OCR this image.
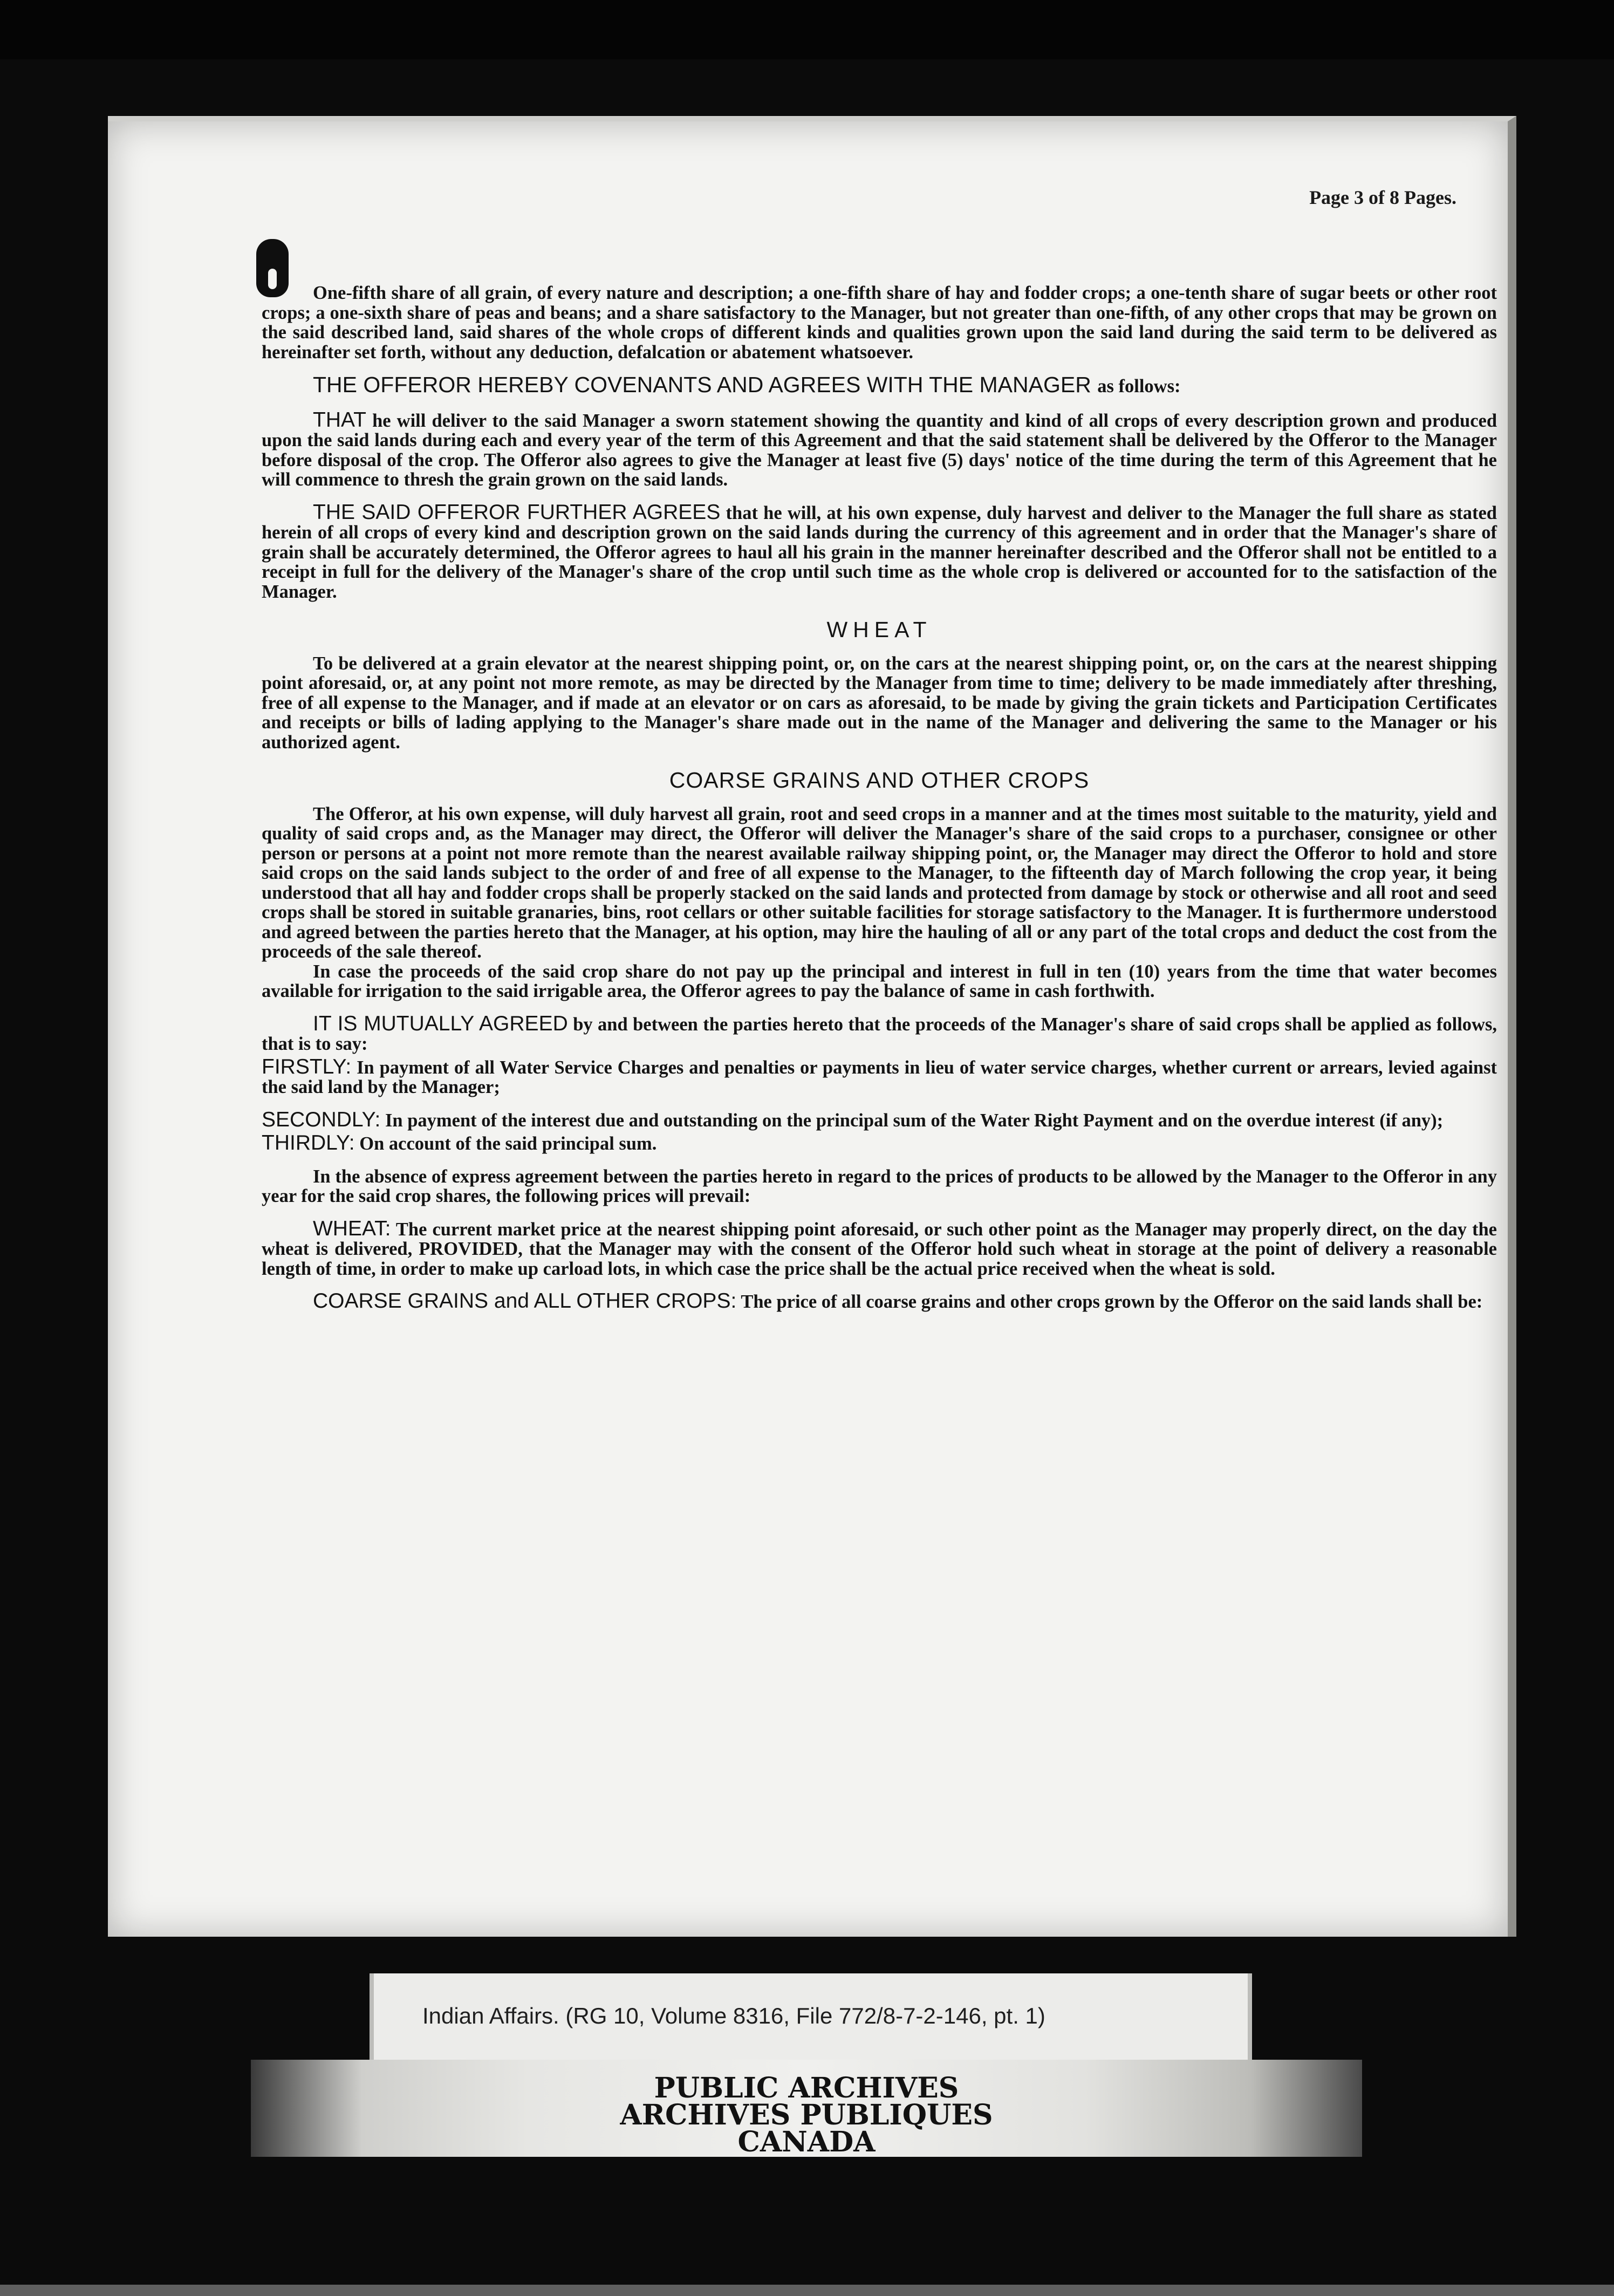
Page 3 of 8 Pages.

One-fifth share of all grain, of every nature and description; a one-fifth share of hay and fodder crops; a one-tenth share of sugar beets or other root crops; a one-sixth share of peas and beans; and a share satisfactory to the Manager, but not greater than one-fifth, of any other crops that may be grown on the said described land, said shares of the whole crops of different kinds and qualities grown upon the said land during the said term to be delivered as hereinafter set forth, without any deduction, defalcation or abatement whatsoever.

THE OFFEROR HEREBY COVENANTS AND AGREES WITH THE MANAGER as follows:

THAT he will deliver to the said Manager a sworn statement showing the quantity and kind of all crops of every description grown and produced upon the said lands during each and every year of the term of this Agreement and that the said statement shall be delivered by the Offeror to the Manager before disposal of the crop. The Offeror also agrees to give the Manager at least five (5) days' notice of the time during the term of this Agreement that he will commence to thresh the grain grown on the said lands.

THE SAID OFFEROR FURTHER AGREES that he will, at his own expense, duly harvest and deliver to the Manager the full share as stated herein of all crops of every kind and description grown on the said lands during the currency of this agreement and in order that the Manager's share of grain shall be accurately determined, the Offeror agrees to haul all his grain in the manner hereinafter described and the Offeror shall not be entitled to a receipt in full for the delivery of the Manager's share of the crop until such time as the whole crop is delivered or accounted for to the satisfaction of the Manager.

WHEAT

To be delivered at a grain elevator at the nearest shipping point, or, on the cars at the nearest shipping point, or, on the cars at the nearest shipping point aforesaid, or, at any point not more remote, as may be directed by the Manager from time to time; delivery to be made immediately after threshing, free of all expense to the Manager, and if made at an elevator or on cars as aforesaid, to be made by giving the grain tickets and Participation Certificates and receipts or bills of lading applying to the Manager's share made out in the name of the Manager and delivering the same to the Manager or his authorized agent.

COARSE GRAINS AND OTHER CROPS

The Offeror, at his own expense, will duly harvest all grain, root and seed crops in a manner and at the times most suitable to the maturity, yield and quality of said crops and, as the Manager may direct, the Offeror will deliver the Manager's share of the said crops to a purchaser, consignee or other person or persons at a point not more remote than the nearest available railway shipping point, or, the Manager may direct the Offeror to hold and store said crops on the said lands subject to the order of and free of all expense to the Manager, to the fifteenth day of March following the crop year, it being understood that all hay and fodder crops shall be properly stacked on the said lands and protected from damage by stock or otherwise and all root and seed crops shall be stored in suitable granaries, bins, root cellars or other suitable facilities for storage satisfactory to the Manager. It is furthermore understood and agreed between the parties hereto that the Manager, at his option, may hire the hauling of all or any part of the total crops and deduct the cost from the proceeds of the sale thereof.

In case the proceeds of the said crop share do not pay up the principal and interest in full in ten (10) years from the time that water becomes available for irrigation to the said irrigable area, the Offeror agrees to pay the balance of same in cash forthwith.

IT IS MUTUALLY AGREED by and between the parties hereto that the proceeds of the Manager's share of said crops shall be applied as follows, that is to say:

FIRSTLY: In payment of all Water Service Charges and penalties or payments in lieu of water service charges, whether current or arrears, levied against the said land by the Manager;

SECONDLY: In payment of the interest due and outstanding on the principal sum of the Water Right Payment and on the overdue interest (if any);

THIRDLY: On account of the said principal sum.

In the absence of express agreement between the parties hereto in regard to the prices of products to be allowed by the Manager to the Offeror in any year for the said crop shares, the following prices will prevail:

WHEAT: The current market price at the nearest shipping point aforesaid, or such other point as the Manager may properly direct, on the day the wheat is delivered, PROVIDED, that the Manager may with the consent of the Offeror hold such wheat in storage at the point of delivery a reasonable length of time, in order to make up carload lots, in which case the price shall be the actual price received when the wheat is sold.

COARSE GRAINS and ALL OTHER CROPS: The price of all coarse grains and other crops grown by the Offeror on the said lands shall be:

Indian Affairs. (RG 10, Volume 8316, File 772/8-7-2-146, pt. 1)
PUBLIC ARCHIVES
ARCHIVES PUBLIQUES
CANADA
